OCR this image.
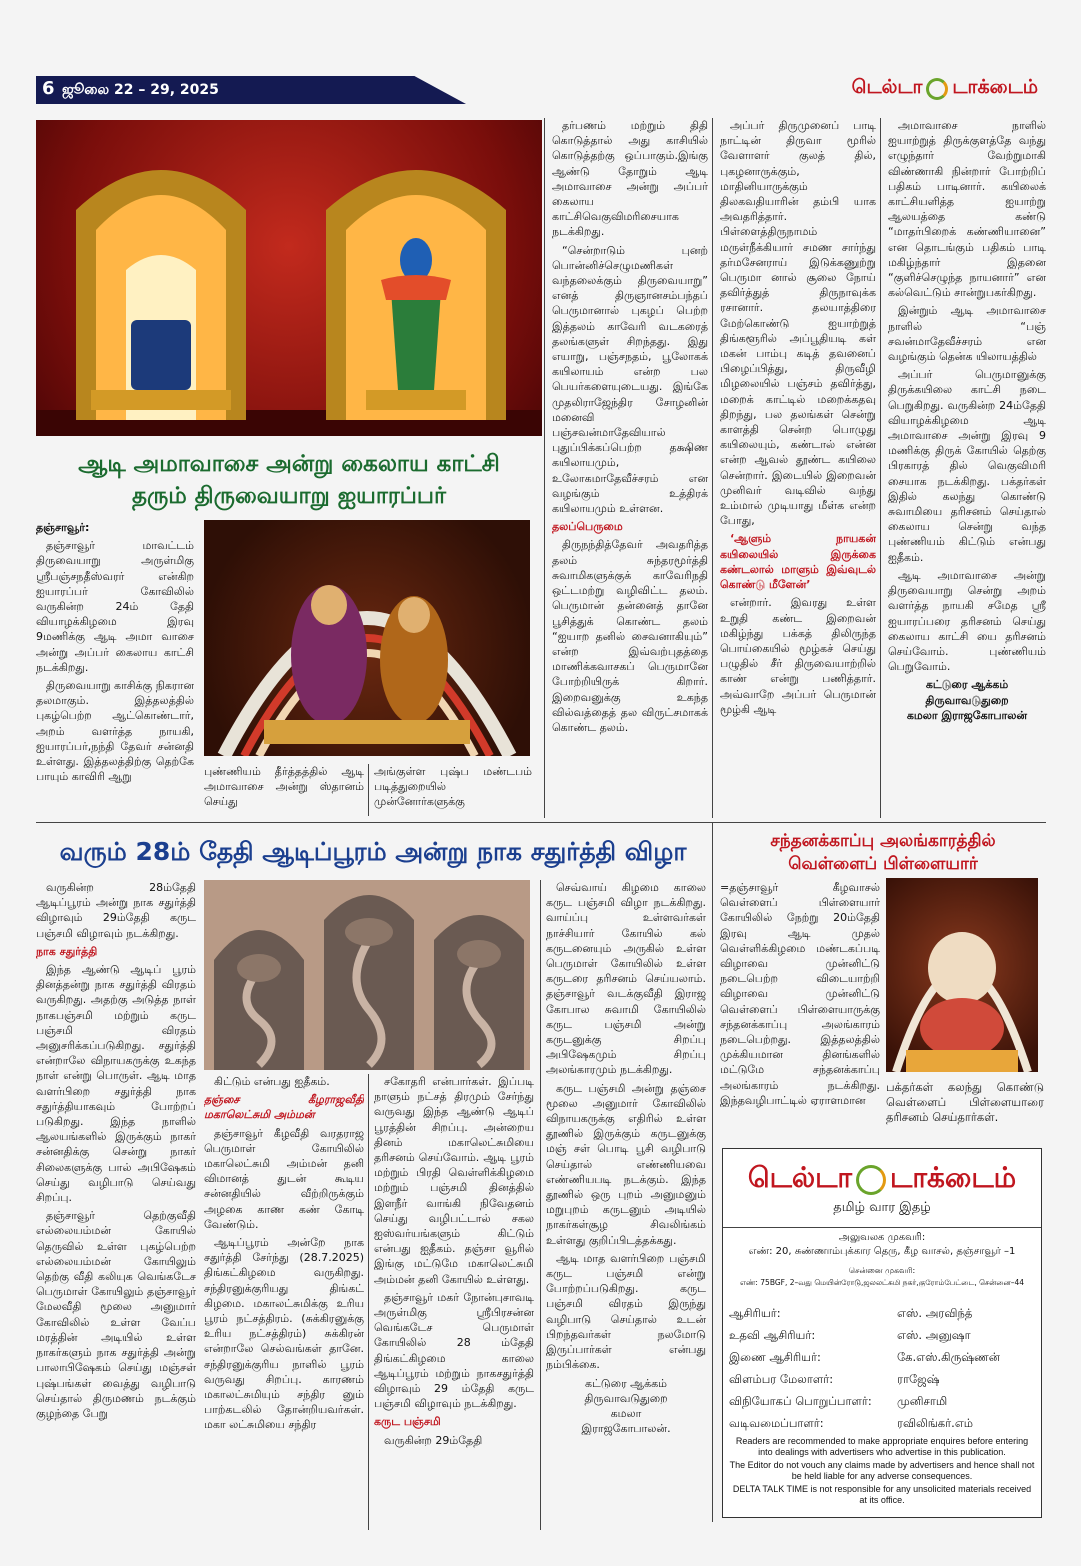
6 ஜூலை 22 – 29, 2025	டெல்டா டாக்டைம்
ஆடி அமாவாசை அன்று கைலாய காட்சி
தரும் திருவையாறு ஐயாரப்பர்

தஞ்சாவூர்:

தஞ்சாவூர் மாவட்டம் திருவையாறு அருள்மிகு ஸ்ரீபஞ்சநதீஸ்வரர் என்கிற ஐயாரப்பர் கோவிலில் வருகின்ற 24ம் தேதி வியாழக்கிழமை இரவு 9மணிக்கு ஆடி அமா வாசை அன்று அப்பர் கைலாய காட்சி நடக்கிறது.

திருவையாறு காசிக்கு நிகரான தலமாகும். இத்தலத்தில் புகழ்பெற்ற ஆட்கொண்டார், அறம் வளர்த்த நாயகி, ஐயாரப்பர்,நந்தி தேவர் சன்னதி உள்ளது. இத்தலத்திற்கு தெற்கே பாயும் காவிரி ஆறு	புண்ணியம் தீர்த்தத்தில் ஆடி அமாவாசை அன்று ஸ்தானம் செய்து
அங்குள்ள புஷ்ப மண்டபம் படித்துறையில் முன்னோர்களுக்கு

தர்பணம் மற்றும் திதி கொடுத்தால் அது காசியில் கொடுத்தற்கு ஒப்பாகும்.இங்கு ஆண்டு தோறும் ஆடி அமாவாசை அன்று அப்பர் கைலாய காட்சிவெகுவிமரிசையாக நடக்கிறது.

“சென்றாடும் புனற் பொன்னிச்செழுமணிகள் வந்தலைக்கும் திருவையாறு” எனத் திருஞானசம்பந்தப் பெருமானால் புகழப் பெற்ற இத்தலம் காவேரி வடகரைத் தலங்களுள் சிறந்தது. இது எயாறு, பஞ்சநதம், பூலோகக் கயிலாயம் என்ற பல பெயர்களையுடையது. இங்கே முதலிராஜேந்திர சோழனின் மனைவி பஞ்சவன்மாதேவியால் புதுப்பிக்கப்பெற்ற தக்ஷிண கயிலாயமும், உலோகமாதேவீச்சரம் என வழங்கும் உத்திரக் கயிலாயமும் உள்ளன.

தலப்பெருமை

திருநந்தித்தேவர் அவதரித்த தலம் சுந்தரமூர்த்தி சுவாமிகளுக்குக் காவேரிநதி ஒட்டமற்று வழிவிட்ட தலம். பெருமான் தன்னைத் தானே பூசித்துக் கொண்ட தலம் “ஐயாற தனில் சைவனாகியும்” என்ற இவ்வற்புதத்தை மாணிக்கவாசகப் பெருமானே போற்றியிருக் கிறார். இறைவனுக்கு உகந்த வில்வத்தைத் தல விருட்சமாகக் கொண்ட தலம்.

அப்பர் திருமுனைப் பாடி நாட்டின் திருவா மூரில் வேளாளர் குலத் தில், புகழனாருக்கும், மாதினியாருக்கும் திலகவதியாரின் தம்பி யாக அவதரித்தார். பிள்ளைத்திருநாமம் மருள்நீக்கியார் சமண சார்ந்து தர்மசேனராய் இடுக்கணுற்று பெருமா னால் சூலை நோய் தவிர்த்துத் திருநாவுக்க ரசானார். தலயாத்திரை மேற்கொண்டு ஐயாற்றுத் திங்களூரில் அப்பூதியடி கள் மகன் பாம்பு கடித் தவனைப் பிழைப்பித்து, திருவீழி மிழலையில் பஞ்சம் தவிர்த்து, மறைக் காட்டில் மறைக்கதவு திறந்து, பல தலங்கள் சென்று காளத்தி சென்ற பொழுது கயிலையும், கண்டால் என்ன என்ற ஆவல் தூண்ட கயிலை சென்றார். இடையில் இறைவன் முனிவர் வடிவில் வந்து உம்மால் முடியாது மீள்க என்ற போது,

‘ஆளும் நாயகன் கயிலையில் இருக்கை கண்டலால் மாளும் இவ்வுடல் கொண்டு மீளேன்’

என்றார். இவரது உள்ள உறுதி கண்ட இறைவன் மகிழ்ந்து பக்கத் திலிருந்த பொய்கையில் மூழ்கச் செய்து பழுதில் சீர் திருவையாற்றில் காண் என்று பணித்தார். அவ்வாறே அப்பர் பெருமான் மூழ்கி ஆடி

அமாவாசை நாளில் ஐயாற்றுத் திருக்குளத்தே வந்து எழுந்தார் வேற்றுமாகி விண்ணாகி நின்றார் போற்றிப் பதிகம் பாடினார். கயிலைக் காட்சியளித்த ஐயாற்று ஆலயத்தை கண்டு “மாதர்பிறைக் கண்ணியானை” என தொடங்கும் பதிகம் பாடி மகிழ்ந்தார் இதனை “குளிச்செழுந்த நாயனார்” என கல்வெட்டும் சான்றுபகர்கிறது.

இன்றும் ஆடி அமாவாசை நாளில் “பஞ் சவன்மாதேவீச்சரம் என வழங்கும் தென்க யிலாயத்தில்

அப்பர் பெருமானுக்கு திருக்கயிலை காட்சி நடை பெறுகிறது. வருகின்ற 24ம்தேதி வியாழக்கிழமை ஆடி அமாவாசை அன்று இரவு 9 மணிக்கு திருக் கோயில் தெற்கு பிரகாரத் தில் வெகுவிமரி சையாக நடக்கிறது. பக்தர்கள் இதில் கலந்து கொண்டு சுவாமியை தரிசனம் செய்தால் கைலாய சென்று வந்த புண்ணியம் கிட்டும் என்பது ஐதீகம்.

ஆடி அமாவாசை அன்று திருவையாறு சென்று அறம் வளர்த்த நாயகி சமேத ஸ்ரீ ஐயாரப்பரை தரிசனம் செய்து கைலாய காட்சி யை தரிசனம் செய்வோம். புண்ணியம் பெறுவோம்.

கட்டுரை ஆக்கம்

திருவாவடுதுறை

கமலா இராஜகோபாலன்

வரும் 28ம் தேதி ஆடிப்பூரம் அன்று நாக சதுர்த்தி விழா	சந்தனக்காப்பு அலங்காரத்தில்
வெள்ளைப் பிள்ளையார்
=தஞ்சாவூர் கீழவாசல் வெள்ளைப் பிள்ளையார் கோயிலில் நேற்று 20ம்தேதி இரவு ஆடி முதல் வெள்ளிக்கிழமை மண்டகப்படி விழாவை முன்னிட்டு நடைபெற்ற விடையாற்றி விழாவை முன்னிட்டு வெள்ளைப் பிள்ளையாருக்கு சந்தனக்காப்பு அலங்காரம் நடைபெற்றது. இத்தலத்தில் முக்கியமான தினங்களில் மட்டுமே சந்தனக்காப்பு அலங்காரம் நடக்கிறது. இந்தவழிபாட்டில் ஏராளமான
பக்தர்கள் கலந்து கொண்டு வெள்ளைப் பிள்ளையாரை தரிசனம் செய்தார்கள்.
டெல்டா டாக்டைம்
தமிழ் வார இதழ்
அலுவலக முகவரி:
எண்: 20, சுண்ணாம்புக்கார தெரு, கீழ வாசல், தஞ்சாவூர் –1
சென்னை முகவரி:
எண்: 75BGF, 2–வது மெயின்ரோடு,ஜலலட்சுமி நகர்,குரோம்பேட்டை, சென்னை–44
ஆசிரியர்:	எஸ். அரவிந்த்
உதவி ஆசிரியர்:	எஸ். அனுஷா
இணை ஆசிரியர்:	கே.எஸ்.கிருஷ்ணன்
விளம்பர மேலாளர்:	ராஜேஷ்
விநியோகப் பொறுப்பாளர்:	முனிசாமி
வடிவமைப்பாளர்:	ரவிலிங்கர்.எம்
Readers are recommended to make appropriate enquires before entering into dealings with advertisers who advertise in this publication.
The Editor do not vouch any claims made by advertisers and hence shall not be held liable for any adverse consequences.
DELTA TALK TIME is not responsible for any unsolicited materials received at its office.

வருகின்ற 28ம்தேதி ஆடிப்பூரம் அன்று நாக சதுர்த்தி விழாவும் 29ம்தேதி கருட பஞ்சமி விழாவும் நடக்கிறது.

நாக சதுர்த்தி

இந்த ஆண்டு ஆடிப் பூரம் தினத்தன்று நாக சதுர்த்தி விரதம் வருகிறது. அதற்கு அடுத்த நாள் நாகபஞ்சமி மற்றும் கருட பஞ்சமி விரதம் அனுசரிக்கப்படுகிறது. சதுர்த்தி என்றாலே விநாயகருக்கு உகந்த நாள் என்று பொருள். ஆடி மாத வளர்பிறை சதுர்த்தி நாக சதுர்த்தியாகவும் போற்றப் படுகிறது. இந்த நாளில் ஆலயங்களில் இருக்கும் நாகர் சன்னதிக்கு சென்று நாகர் சிலைகளுக்கு பால் அபிஷேகம் செய்து வழிபாடு செய்வது சிறப்பு.

தஞ்சாவூர் தெற்குவீதி எல்லையம்மன் கோயில் தெருவில் உள்ள புகழ்பெற்ற எல்லையம்மன் கோயிலும் தெற்கு வீதி கலியுக வெங்கடேச பெருமாள் கோயிலும் தஞ்சாவூர் மேலவீதி மூலை அனுமார் கோவிலில் உள்ள வேப்ப மரத்தின் அடியில் உள்ள நாகர்களும் நாக சதுர்த்தி அன்று பாலாபிஷேகம் செய்து மஞ்சள் புஷ்பங்கள் வைத்து வழிபாடு செய்தால் திருமணம் நடக்கும் குழந்தை பேறு

கிட்டும் என்பது ஐதீகம்.

தஞ்சை கீழராஜவீதி மகாலெட்சுமி அம்மன்

தஞ்சாவூர் கீழவீதி வரதராஜ பெருமாள் கோயிலில் மகாலெட்சுமி அம்மன் தனி விமானத் துடன் கூடிய சன்னதியில் வீற்றிருக்கும் அழகை காண கண் கோடி வேண்டும்.

ஆடிப்பூரம் அன்றே நாக சதுர்த்தி சேர்ந்து (28.7.2025) திங்கட்கிழமை வருகிறது. சந்திரனுக்குரியது திங்கட் கிழமை. மகாலட்சுமிக்கு உரிய பூரம் நட்சத்திரம். (சுக்கிரனுக்கு உரிய நட்சத்திரம்) சுக்கிரன் என்றாலே செல்வங்கள் தானே. சந்திரனுக்குரிய நாளில் பூரம் வருவது சிறப்பு. காரணம் மகாலட்சுமியும் சந்திர னும் பாற்கடலில் தோன்றியவர்கள். மகா லட்சுமியை சந்திர

சகோதரி என்பார்கள். இப்படி நாளும் நட்சத் திரமும் சேர்ந்து வருவது இந்த ஆண்டு ஆடிப் பூரத்தின் சிறப்பு. அன்றைய தினம் மகாலெட்சுமியை தரிசனம் செய்வோம். ஆடி பூரம் மற்றும் பிரதி வெள்ளிக்கிழமை மற்றும் பஞ்சமி தினத்தில் இளநீர் வாங்கி நிவேதனம் செய்து வழிபட்டால் சகல ஐஸ்வர்யங்களும் கிட்டும் என்பது ஐதீகம். தஞ்சா வூரில் இங்கு மட்டுமே மகாலெட்சுமி அம்மன் தனி கோயில் உள்ளது.

தஞ்சாவூர் மகர் நோன்புசாவடி அருள்மிகு ஸ்ரீபிரசன்ன வெங்கடேச பெருமாள் கோயிலில் 28 ம்தேதி திங்கட்கிழமை காலை ஆடிப்பூரம் மற்றும் நாகசதுர்த்தி விழாவும் 29 ம்தேதி கருட பஞ்சமி விழாவும் நடக்கிறது.

கருட பஞ்சமி

வருகின்ற 29ம்தேதி

செவ்வாய் கிழமை காலை கருட பஞ்சமி விழா நடக்கிறது. வாய்ப்பு உள்ளவர்கள் நாச்சியார் கோயில் கல் கருடனையும் அருகில் உள்ள பெருமாள் கோயிலில் உள்ள கருடரை தரிசனம் செய்யலாம். தஞ்சாவூர் வடக்குவீதி இராஜ கோபால சுவாமி கோயிலில் கருட பஞ்சமி அன்று கருடனுக்கு சிறப்பு அபிஷேகமும் சிறப்பு அலங்காரமும் நடக்கிறது.

கருட பஞ்சமி அன்று தஞ்சை மூலை அனுமார் கோவிலில் விநாயகருக்கு எதிரில் உள்ள தூணில் இருக்கும் கருடனுக்கு மஞ் சள் பொடி பூசி வழிபாடு செய்தால் எண்ணியவை எண்ணியபடி நடக்கும். இந்த தூணில் ஒரு புறம் அனுமனும் மறுபுறம் கருடனும் அடியில் நாகர்கள்சூழ சிவலிங்கம் உள்ளது குறிப்பிடத்தக்கது.

ஆடி மாத வளர்பிறை பஞ்சமி கருட பஞ்சமி என்று போற்றப்படுகிறது. கருட பஞ்சமி விரதம் இருந்து வழிபாடு செய்தால் உடன் பிறந்தவர்கள் நலமோடு இருப்பார்கள் என்பது நம்பிக்கை.

கட்டுரை ஆக்கம்

திருவாவடுதுறை

கமலா

இராஜகோபாலன்.
